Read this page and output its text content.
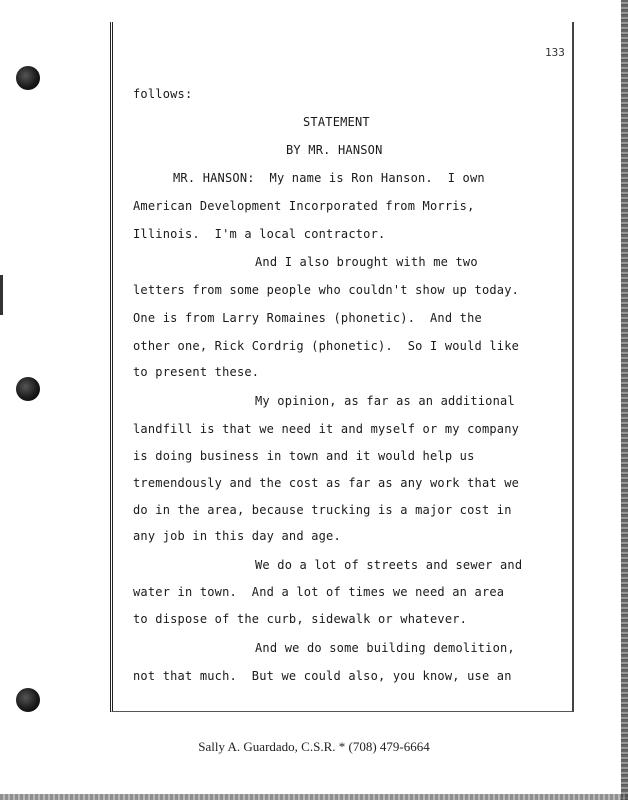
133
follows:
STATEMENT
BY MR. HANSON
MR. HANSON:  My name is Ron Hanson.  I own
American Development Incorporated from Morris,
Illinois.  I'm a local contractor.
And I also brought with me two
letters from some people who couldn't show up today.
One is from Larry Romaines (phonetic).  And the
other one, Rick Cordrig (phonetic).  So I would like
to present these.
My opinion, as far as an additional
landfill is that we need it and myself or my company
is doing business in town and it would help us
tremendously and the cost as far as any work that we
do in the area, because trucking is a major cost in
any job in this day and age.
We do a lot of streets and sewer and
water in town.  And a lot of times we need an area
to dispose of the curb, sidewalk or whatever.
And we do some building demolition,
not that much.  But we could also, you know, use an
Sally A. Guardado, C.S.R. * (708) 479-6664
